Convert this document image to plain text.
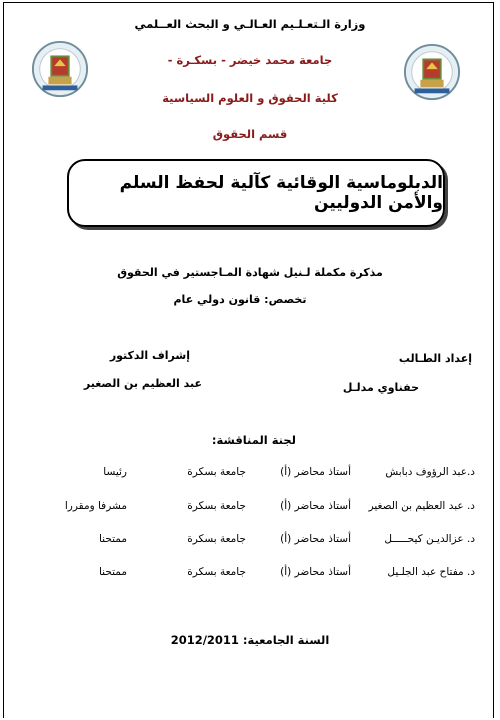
وزارة الـتعـلـيم العـالـي و البحث العــلمي
جامعة محمد خيضر - بسكـرة -
كلية الحقوق و العلوم السياسية
قسم الحقوق
الدبلوماسية الوقائية كآلية لحفظ السلم والأمن الدوليين
مذكرة مكملة لـنيل شهادة المـاجستير في الحقوق
تخصص: قانون دولي عام
إعداد الطـالب
حفناوي مدلـل
إشراف الدكتور
عبد العظيم بن الصغير
لجنة المناقشة:
د.عبد الرؤوف دبابش
أستاذ محاضر (أ)
جامعة بسكرة
رئيسا
د. عبد العظيم بن الصغير
أستاذ محاضر (أ)
جامعة بسكرة
مشرفا ومقررا
د. عزالديـن كيحـــــل
أستاذ محاضر (أ)
جامعة بسكرة
ممتحنا
د. مفتاح عبد الجلـيل
أستاذ محاضر (أ)
جامعة بسكرة
ممتحنا
السنة الجامعية: 2012/2011
